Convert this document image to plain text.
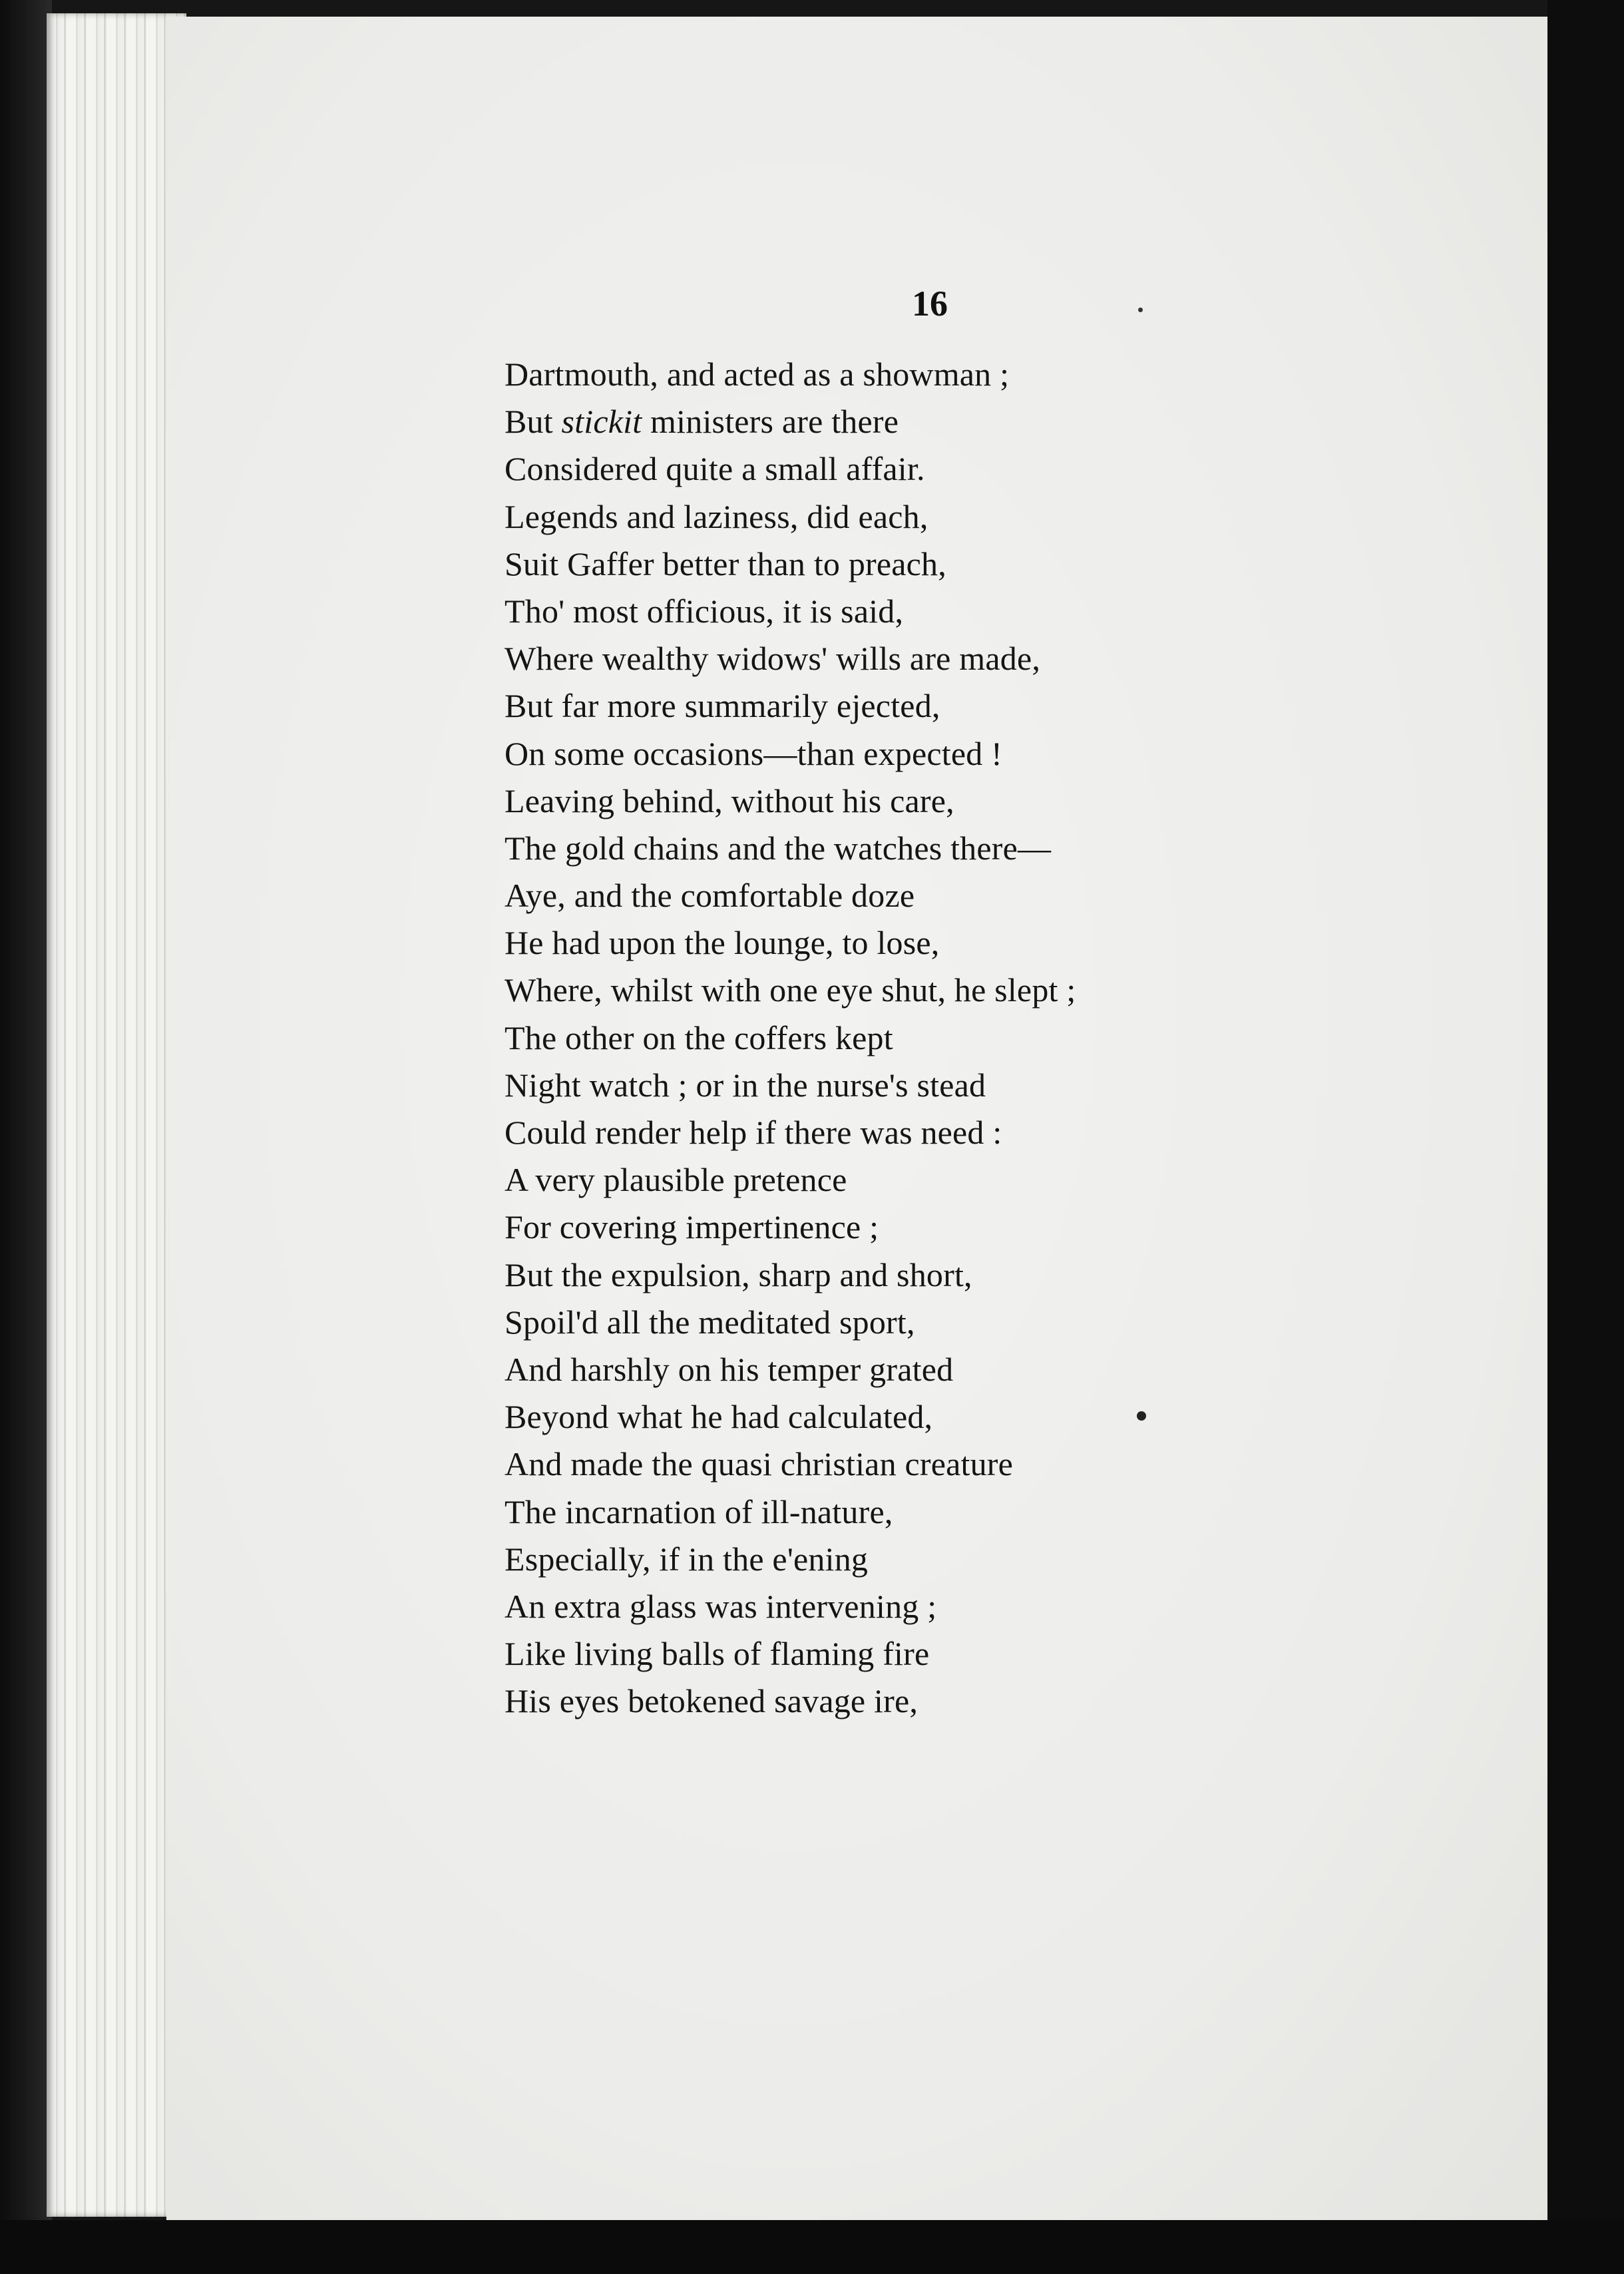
16
Dartmouth, and acted as a showman ;
But stickit ministers are there
Considered quite a small affair.
Legends and laziness, did each,
Suit Gaffer better than to preach,
Tho' most officious, it is said,
Where wealthy widows' wills are made,
But far more summarily ejected,
On some occasions—than expected !
Leaving behind, without his care,
The gold chains and the watches there—
Aye, and the comfortable doze
He had upon the lounge, to lose,
Where, whilst with one eye shut, he slept ;
The other on the coffers kept
Night watch ; or in the nurse's stead
Could render help if there was need :
A very plausible pretence
For covering impertinence ;
But the expulsion, sharp and short,
Spoil'd all the meditated sport,
And harshly on his temper grated
Beyond what he had calculated,
And made the quasi christian creature
The incarnation of ill-nature,
Especially, if in the e'ening
An extra glass was intervening ;
Like living balls of flaming fire
His eyes betokened savage ire,
